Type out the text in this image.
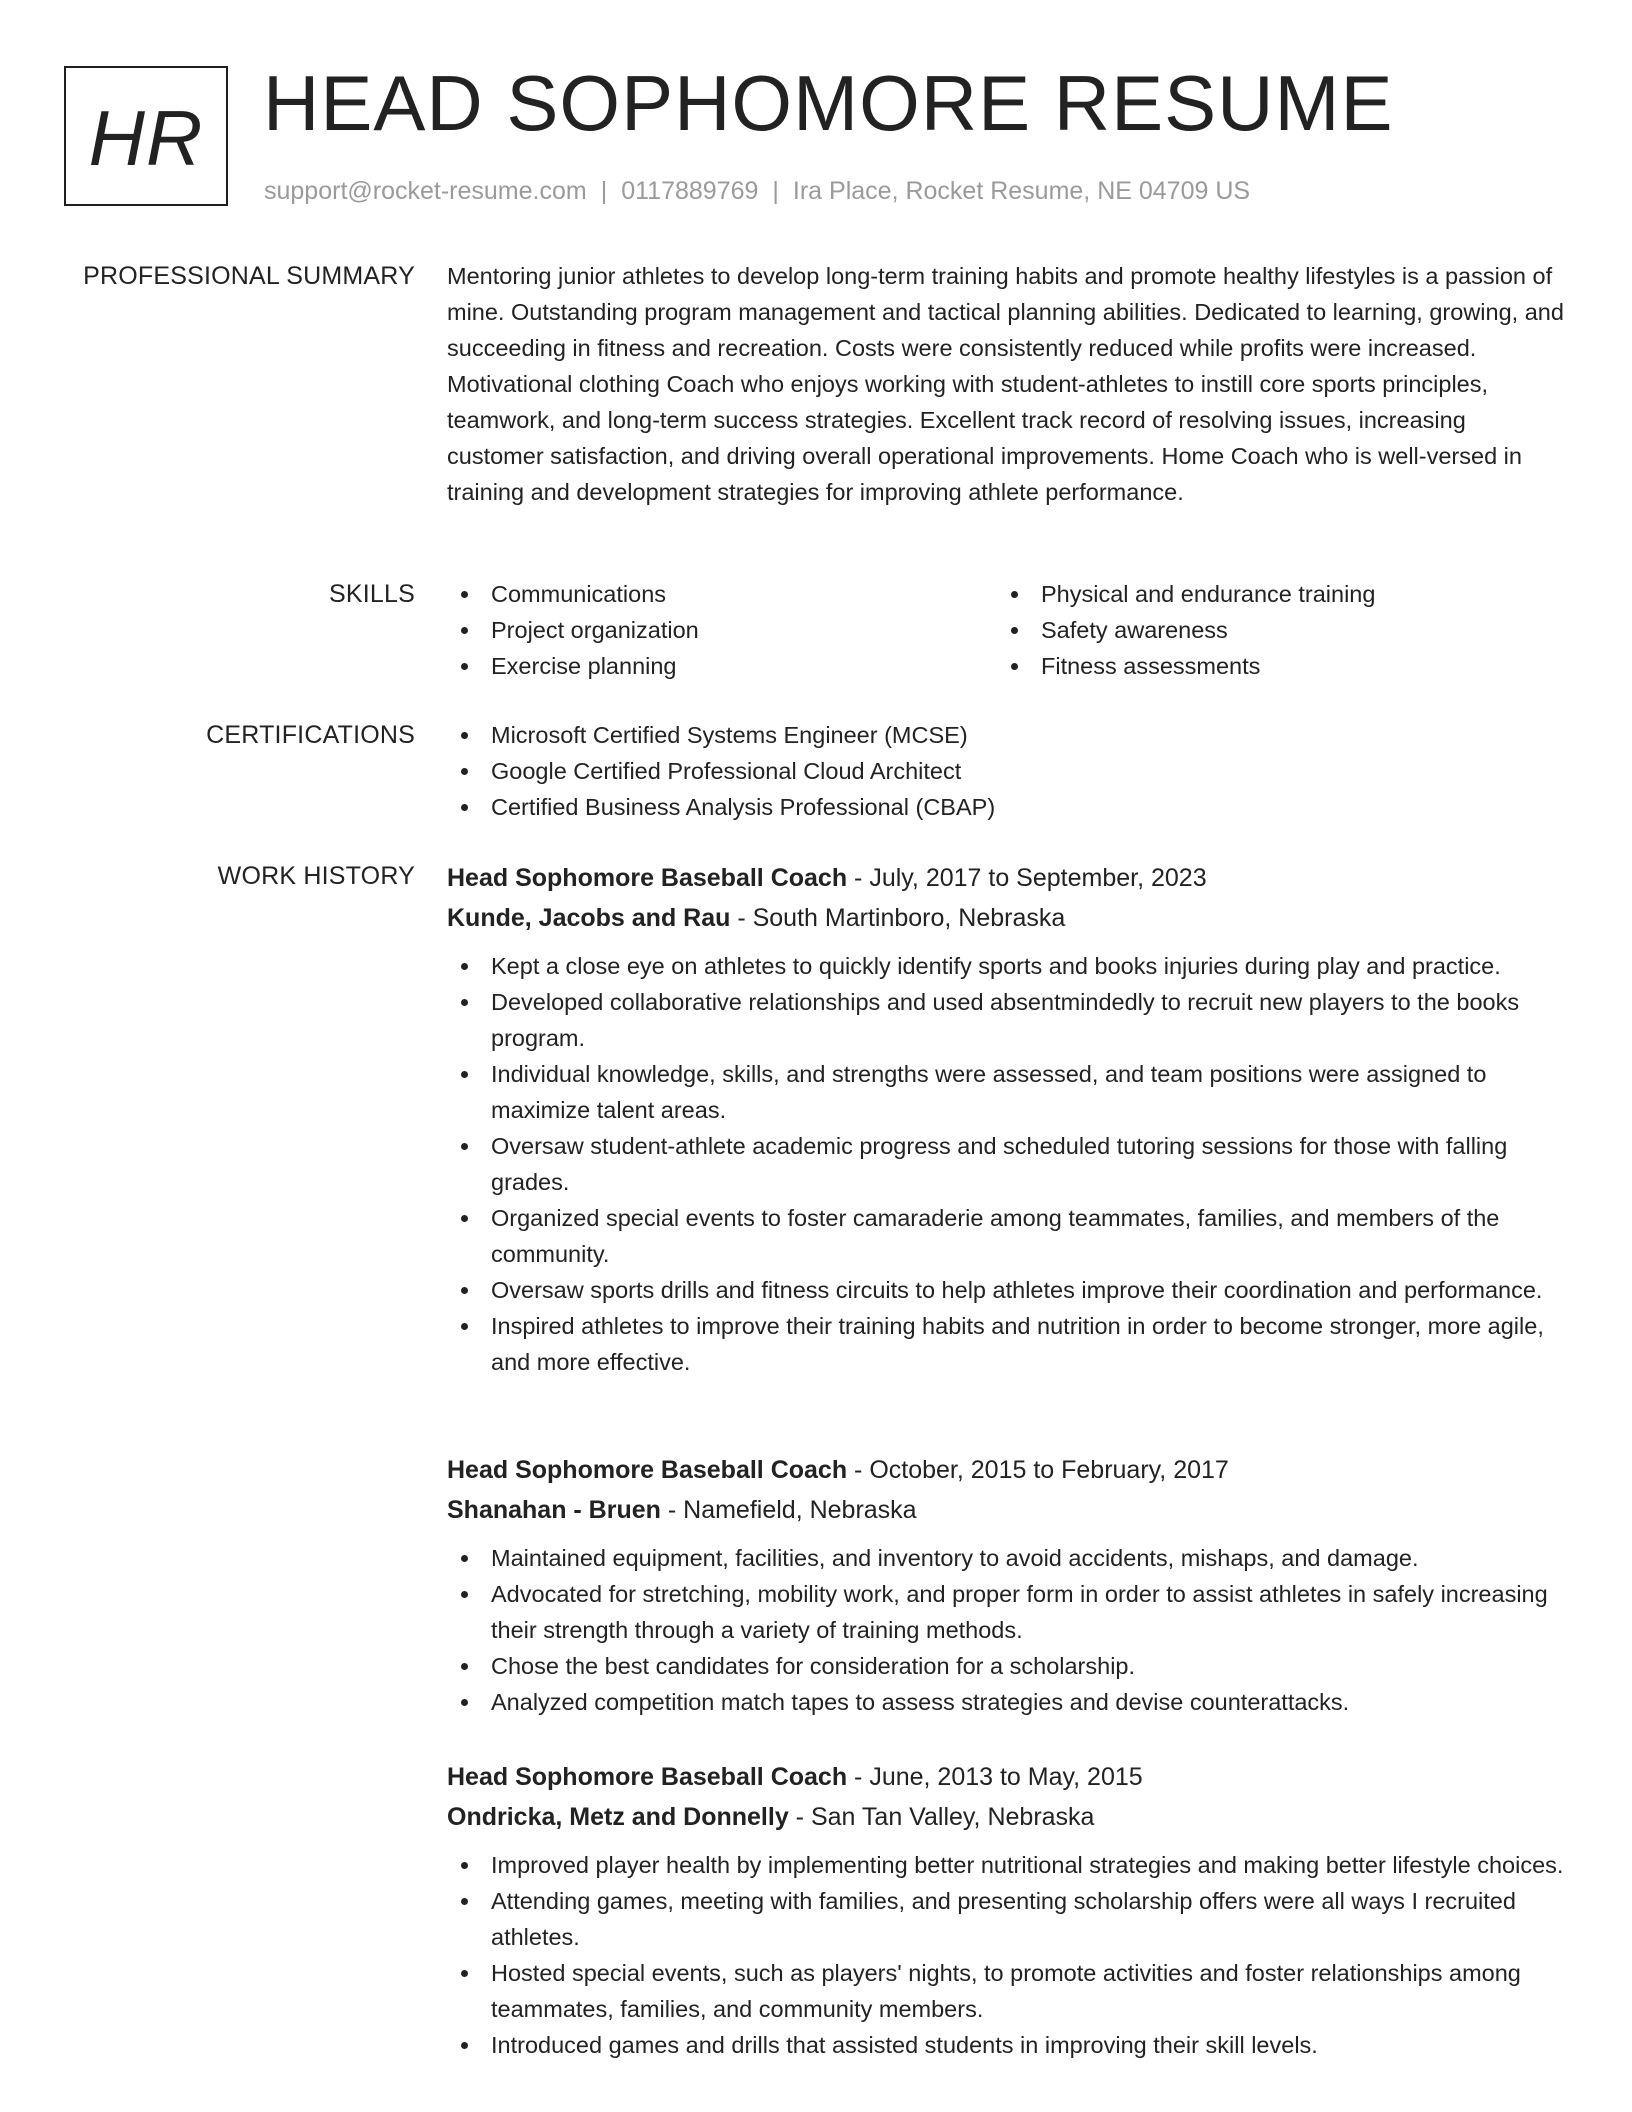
HR HEAD SOPHOMORE RESUME
support@rocket-resume.com | 0117889769 | Ira Place, Rocket Resume, NE 04709 US
PROFESSIONAL SUMMARY Mentoring junior athletes to develop long-term training habits and promote healthy lifestyles is a passion of mine. Outstanding program management and tactical planning abilities. Dedicated to learning, growing, and succeeding in fitness and recreation. Costs were consistently reduced while profits were increased. Motivational clothing Coach who enjoys working with student-athletes to instill core sports principles, teamwork, and long-term success strategies. Excellent track record of resolving issues, increasing customer satisfaction, and driving overall operational improvements. Home Coach who is well-versed in training and development strategies for improving athlete performance.

SKILLS	Communications
Project organization
Exercise planning
Physical and endurance training
Safety awareness
Fitness assessments
CERTIFICATIONS	Microsoft Certified Systems Engineer (MCSE)
Google Certified Professional Cloud Architect
Certified Business Analysis Professional (CBAP)
WORK HISTORY Head Sophomore Baseball Coach - July, 2017 to September, 2023
Kunde, Jacobs and Rau - South Martinboro, Nebraska
Kept a close eye on athletes to quickly identify sports and books injuries during play and practice.
Developed collaborative relationships and used absentmindedly to recruit new players to the books program.
Individual knowledge, skills, and strengths were assessed, and team positions were assigned to maximize talent areas.
Oversaw student-athlete academic progress and scheduled tutoring sessions for those with falling grades.
Organized special events to foster camaraderie among teammates, families, and members of the community.
Oversaw sports drills and fitness circuits to help athletes improve their coordination and performance.
Inspired athletes to improve their training habits and nutrition in order to become stronger, more agile, and more effective.
Head Sophomore Baseball Coach - October, 2015 to February, 2017
Shanahan - Bruen - Namefield, Nebraska
Maintained equipment, facilities, and inventory to avoid accidents, mishaps, and damage.
Advocated for stretching, mobility work, and proper form in order to assist athletes in safely increasing their strength through a variety of training methods.
Chose the best candidates for consideration for a scholarship.
Analyzed competition match tapes to assess strategies and devise counterattacks.
Head Sophomore Baseball Coach - June, 2013 to May, 2015
Ondricka, Metz and Donnelly - San Tan Valley, Nebraska
Improved player health by implementing better nutritional strategies and making better lifestyle choices.
Attending games, meeting with families, and presenting scholarship offers were all ways I recruited athletes.
Hosted special events, such as players' nights, to promote activities and foster relationships among teammates, families, and community members.
Introduced games and drills that assisted students in improving their skill levels.
